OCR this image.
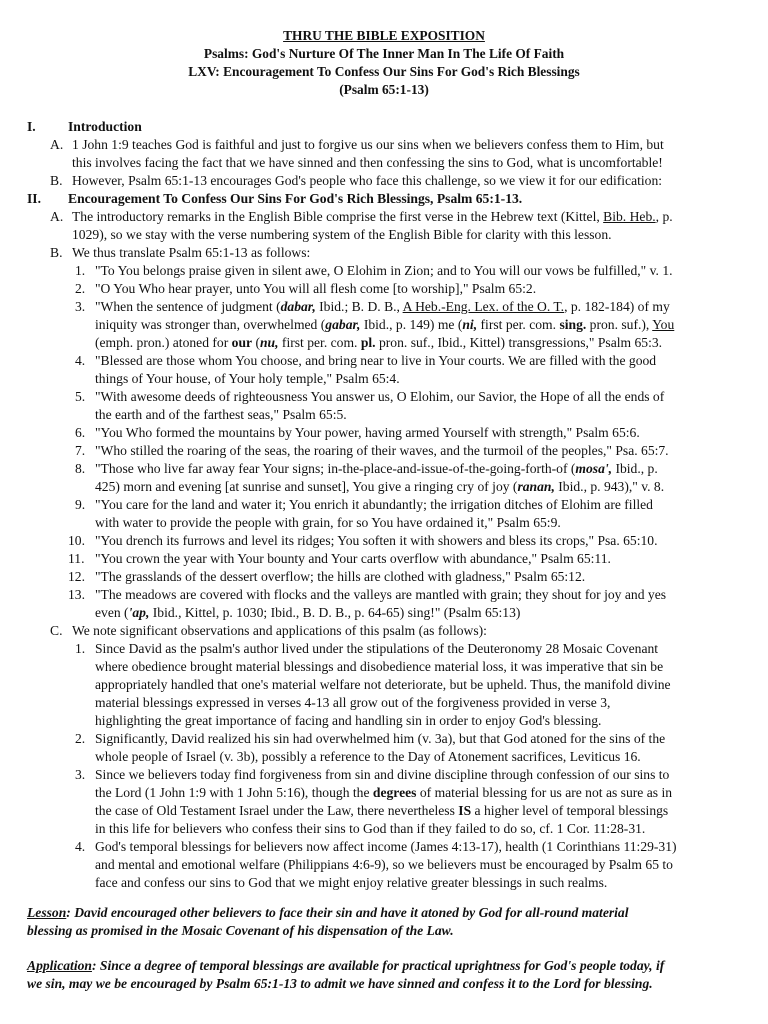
THRU THE BIBLE EXPOSITION
Psalms: God's Nurture Of The Inner Man In The Life Of Faith
LXV: Encouragement To Confess Our Sins For God's Rich Blessings
(Psalm 65:1-13)
I. Introduction
A. 1 John 1:9 teaches God is faithful and just to forgive us our sins when we believers confess them to Him, but
this involves facing the fact that we have sinned and then confessing the sins to God, what is uncomfortable!
B. However, Psalm 65:1-13 encourages God's people who face this challenge, so we view it for our edification:
II. Encouragement To Confess Our Sins For God's Rich Blessings, Psalm 65:1-13.
A. The introductory remarks in the English Bible comprise the first verse in the Hebrew text (Kittel, Bib. Heb., p.
1029), so we stay with the verse numbering system of the English Bible for clarity with this lesson.
B. We thus translate Psalm 65:1-13 as follows:
1. "To You belongs praise given in silent awe, O Elohim in Zion; and to You will our vows be fulfilled," v. 1.
2. "O You Who hear prayer, unto You will all flesh come [to worship]," Psalm 65:2.
3. "When the sentence of judgment (dabar, Ibid.; B. D. B., A Heb.-Eng. Lex. of the O. T., p. 182-184) of my
iniquity was stronger than, overwhelmed (gabar, Ibid., p. 149) me (ni, first per. com. sing. pron. suf.), You
(emph. pron.) atoned for our (nu, first per. com. pl. pron. suf., Ibid., Kittel) transgressions," Psalm 65:3.
4. "Blessed are those whom You choose, and bring near to live in Your courts. We are filled with the good
things of Your house, of Your holy temple," Psalm 65:4.
5. "With awesome deeds of righteousness You answer us, O Elohim, our Savior, the Hope of all the ends of
the earth and of the farthest seas," Psalm 65:5.
6. "You Who formed the mountains by Your power, having armed Yourself with strength," Psalm 65:6.
7. "Who stilled the roaring of the seas, the roaring of their waves, and the turmoil of the peoples," Psa. 65:7.
8. "Those who live far away fear Your signs; in-the-place-and-issue-of-the-going-forth-of (mosa', Ibid., p.
425) morn and evening [at sunrise and sunset], You give a ringing cry of joy (ranan, Ibid., p. 943)," v. 8.
9. "You care for the land and water it; You enrich it abundantly; the irrigation ditches of Elohim are filled
with water to provide the people with grain, for so You have ordained it," Psalm 65:9.
10. "You drench its furrows and level its ridges; You soften it with showers and bless its crops," Psa. 65:10.
11. "You crown the year with Your bounty and Your carts overflow with abundance," Psalm 65:11.
12. "The grasslands of the dessert overflow; the hills are clothed with gladness," Psalm 65:12.
13. "The meadows are covered with flocks and the valleys are mantled with grain; they shout for joy and yes
even ('ap, Ibid., Kittel, p. 1030; Ibid., B. D. B., p. 64-65) sing!" (Psalm 65:13)
C. We note significant observations and applications of this psalm (as follows):
1. Since David as the psalm's author lived under the stipulations of the Deuteronomy 28 Mosaic Covenant
where obedience brought material blessings and disobedience material loss, it was imperative that sin be
appropriately handled that one's material welfare not deteriorate, but be upheld. Thus, the manifold divine
material blessings expressed in verses 4-13 all grow out of the forgiveness provided in verse 3,
highlighting the great importance of facing and handling sin in order to enjoy God's blessing.
2. Significantly, David realized his sin had overwhelmed him (v. 3a), but that God atoned for the sins of the
whole people of Israel (v. 3b), possibly a reference to the Day of Atonement sacrifices, Leviticus 16.
3. Since we believers today find forgiveness from sin and divine discipline through confession of our sins to
the Lord (1 John 1:9 with 1 John 5:16), though the degrees of material blessing for us are not as sure as in
the case of Old Testament Israel under the Law, there nevertheless IS a higher level of temporal blessings
in this life for believers who confess their sins to God than if they failed to do so, cf. 1 Cor. 11:28-31.
4. God's temporal blessings for believers now affect income (James 4:13-17), health (1 Corinthians 11:29-31)
and mental and emotional welfare (Philippians 4:6-9), so we believers must be encouraged by Psalm 65 to
face and confess our sins to God that we might enjoy relative greater blessings in such realms.
Lesson: David encouraged other believers to face their sin and have it atoned by God for all-round material
blessing as promised in the Mosaic Covenant of his dispensation of the Law.
Application: Since a degree of temporal blessings are available for practical uprightness for God's people today, if
we sin, may we be encouraged by Psalm 65:1-13 to admit we have sinned and confess it to the Lord for blessing.
